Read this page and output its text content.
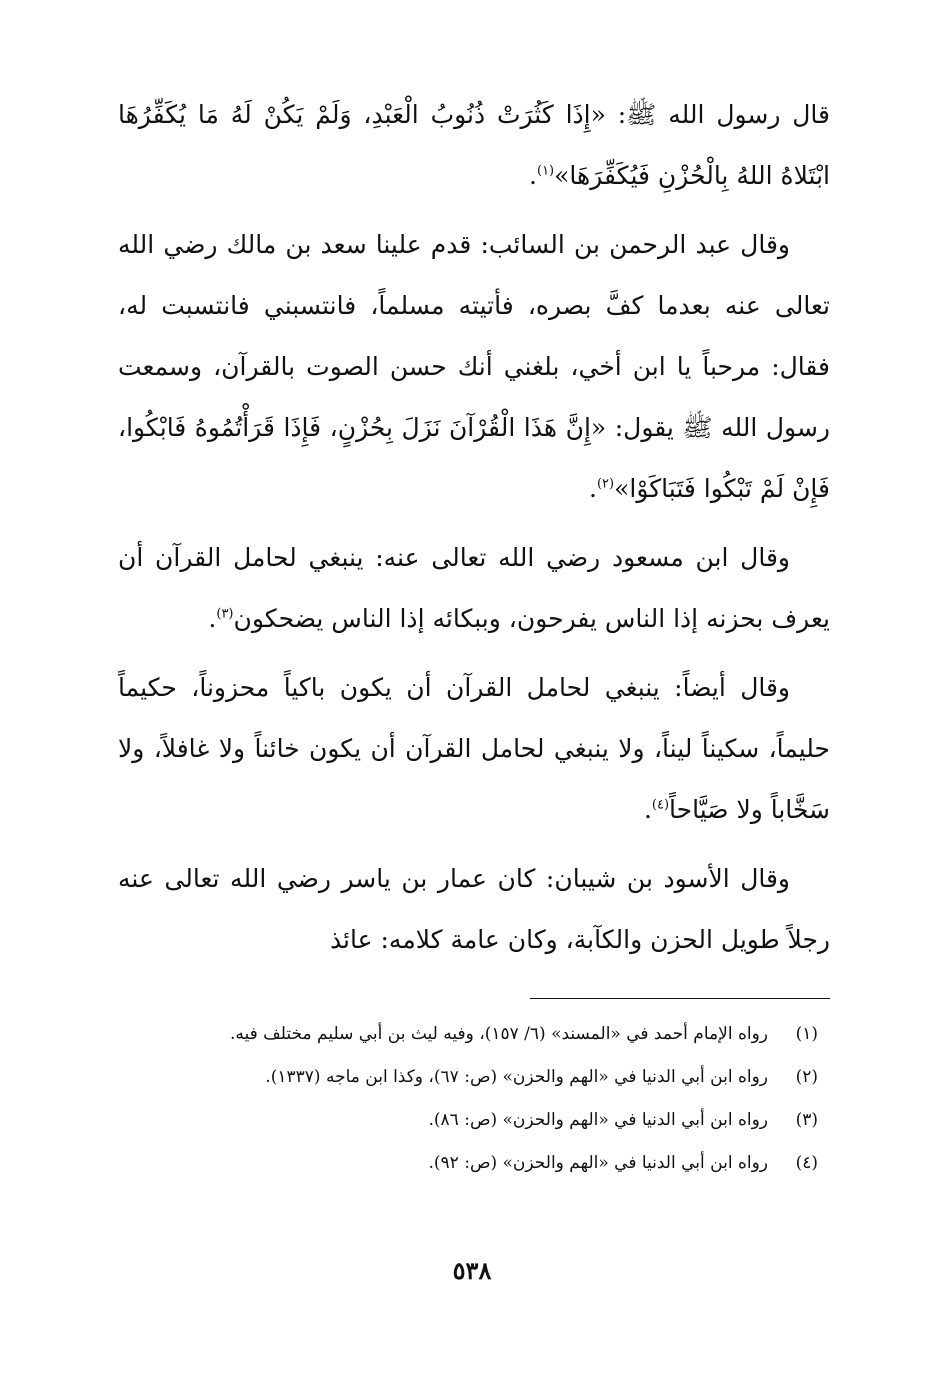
قال رسول الله ﷺ: «إِذَا كَثُرَتْ ذُنُوبُ الْعَبْدِ، وَلَمْ يَكُنْ لَهُ مَا يُكَفِّرُهَا ابْتَلاهُ اللهُ بِالْحُزْنِ فَيُكَفِّرَهَا»$^{(١)}$.

وقال عبد الرحمن بن السائب: قدم علينا سعد بن مالك رضي الله تعالى عنه بعدما كفَّ بصره، فأتيته مسلماً، فانتسبني فانتسبت له، فقال: مرحباً يا ابن أخي، بلغني أنك حسن الصوت بالقرآن، وسمعت رسول الله ﷺ يقول: «إِنَّ هَذَا الْقُرْآنَ نَزَلَ بِحُزْنٍ، فَإِذَا قَرَأْتُمُوهُ فَابْكُوا، فَإِنْ لَمْ تَبْكُوا فَتَبَاكَوْا»$^{(٢)}$.

وقال ابن مسعود رضي الله تعالى عنه: ينبغي لحامل القرآن أن يعرف بحزنه إذا الناس يفرحون، وببكائه إذا الناس يضحكون$^{(٣)}$.

وقال أيضاً: ينبغي لحامل القرآن أن يكون باكياً محزوناً، حكيماً حليماً، سكيناً ليناً، ولا ينبغي لحامل القرآن أن يكون خائناً ولا غافلاً، ولا سَخَّاباً ولا صَيَّاحاً$^{(٤)}$.

وقال الأسود بن شيبان: كان عمار بن ياسر رضي الله تعالى عنه رجلاً طويل الحزن والكآبة، وكان عامة كلامه: عائذ

(١)
رواه الإمام أحمد في «المسند» (٦/ ١٥٧)، وفيه ليث بن أبي سليم مختلف فيه.
(٢)
رواه ابن أبي الدنيا في «الهم والحزن» (ص: ٦٧)، وكذا ابن ماجه (١٣٣٧).
(٣)
رواه ابن أبي الدنيا في «الهم والحزن» (ص: ٨٦).
(٤)
رواه ابن أبي الدنيا في «الهم والحزن» (ص: ٩٢).
٥٣٨
